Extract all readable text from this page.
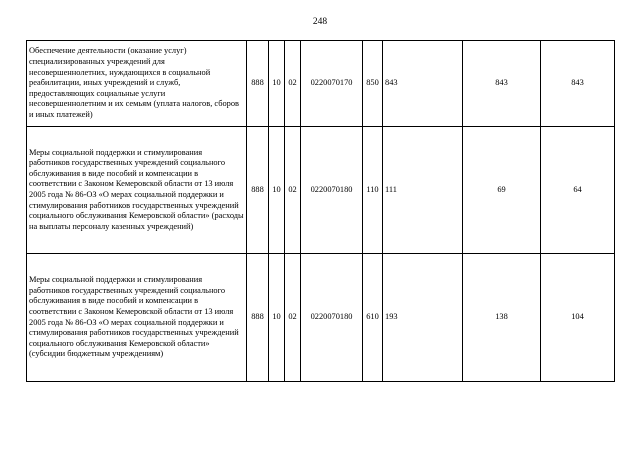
248
Обеспечение деятельности (оказание услуг) специализированных учреждений для несовершеннолетних, нуждающихся в социальной реабилитации, иных учреждений и служб, предоставляющих социальные услуги несовершеннолетним и их семьям (уплата налогов, сборов и иных платежей)	888	10	02	0220070170	850	843	843	843
Меры социальной поддержки и стимулирования работников государственных учреждений социального обслуживания в виде пособий и компенсации в соответствии с Законом Кемеровской области от 13 июля 2005 года № 86-ОЗ «О мерах социальной поддержки и стимулирования работников государственных учреждений социального обслуживания Кемеровской области» (расходы на выплаты персоналу казенных учреждений)	888	10	02	0220070180	110	111	69	64
Меры социальной поддержки и стимулирования работников государственных учреждений социального обслуживания в виде пособий и компенсации в соответствии с Законом Кемеровской области от 13 июля 2005 года № 86-ОЗ «О мерах социальной поддержки и стимулирования работников государственных учреждений социального обслуживания Кемеровской области» (субсидии бюджетным учреждениям)	888	10	02	0220070180	610	193	138	104
